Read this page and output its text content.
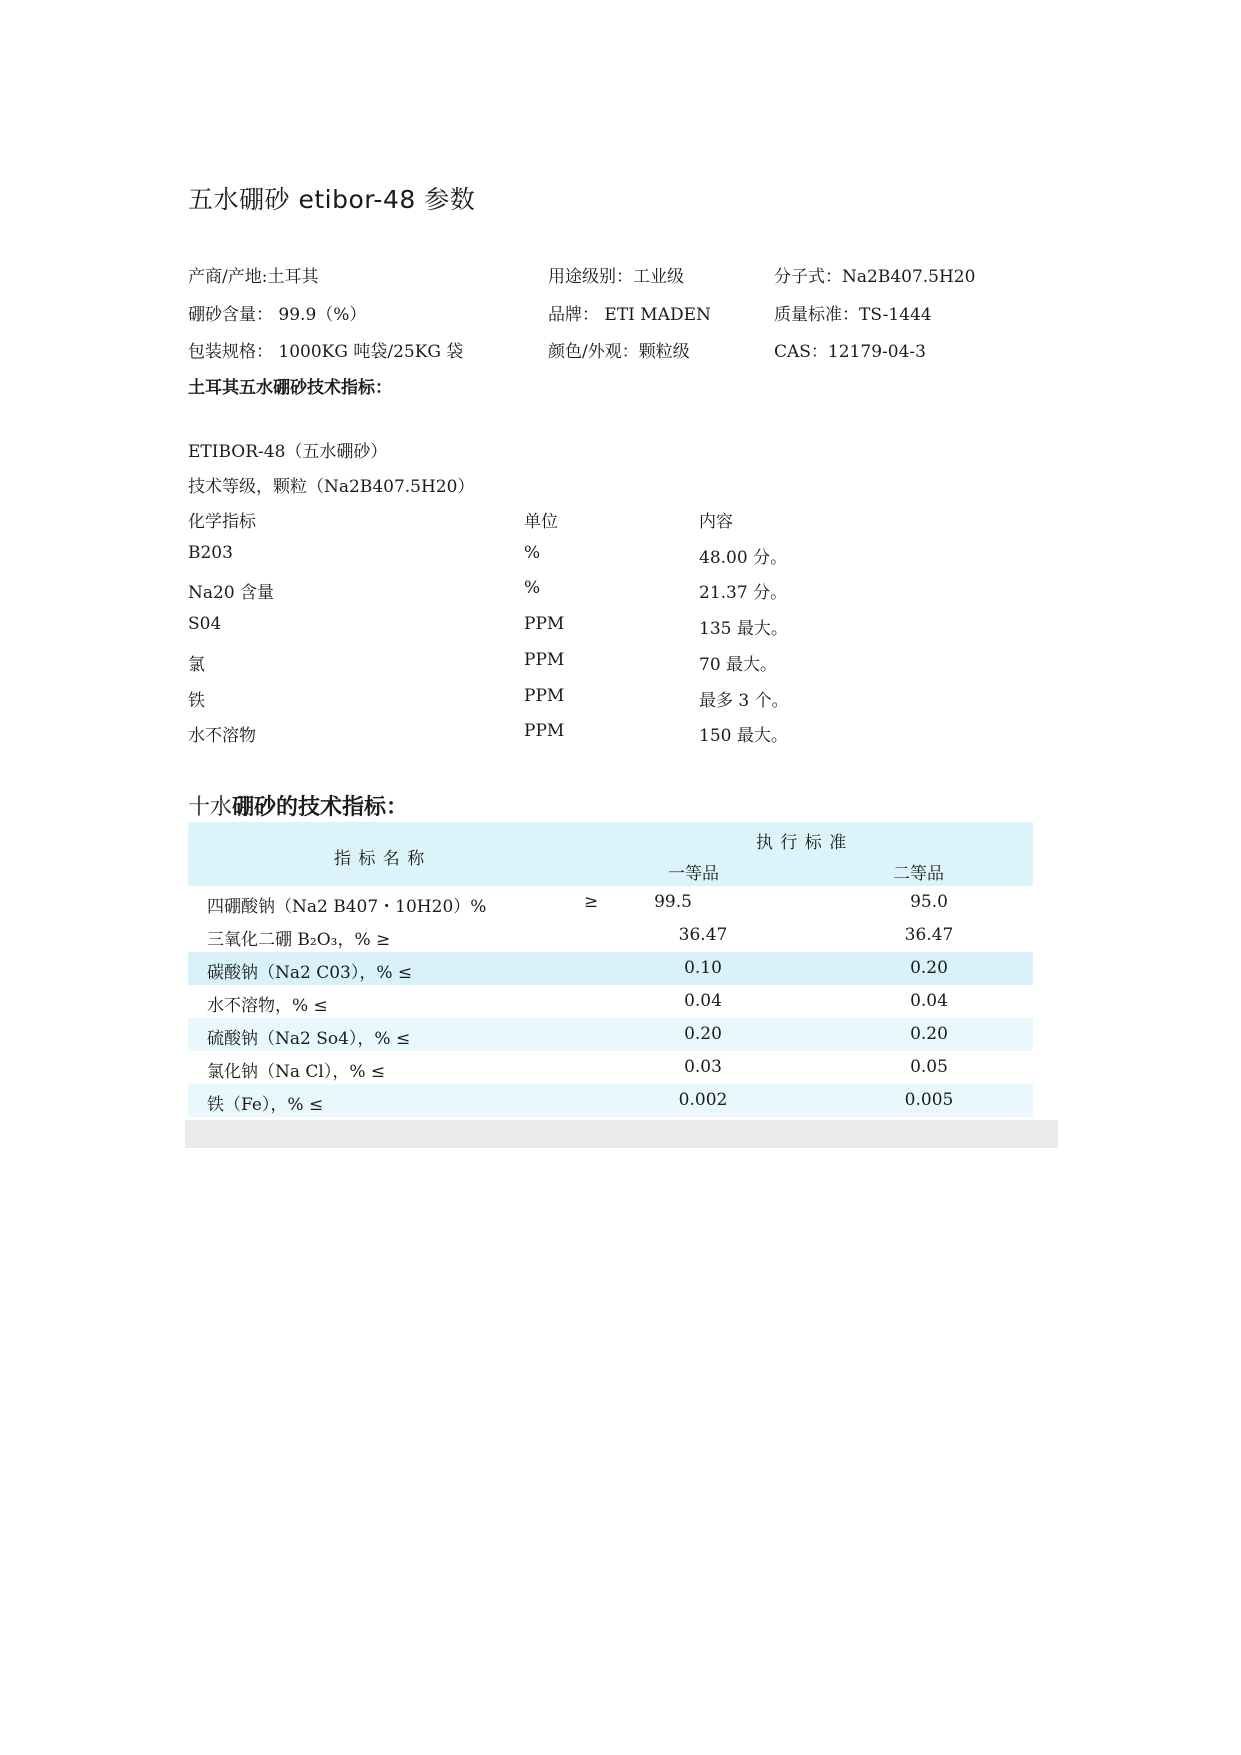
五水硼砂 etibor-48 参数
产商/产地:土耳其	用途级别：工业级	分子式：Na2B407.5H20
硼砂含量： 99.9（%）	品牌： ETI MADEN	质量标准：TS-1444
包装规格： 1000KG 吨袋/25KG 袋	颜色/外观：颗粒级	CAS：12179-04-3
土耳其五水硼砂技术指标：
ETIBOR-48（五水硼砂）
技术等级，颗粒（Na2B407.5H20）
化学指标	单位	内容
B203	%	48.00 分。
Na20 含量	%	21.37 分。
S04	PPM	135 最大。
氯	PPM	70 最大。
铁	PPM	最多 3 个。
水不溶物	PPM	150 最大。
十水硼砂的技术指标：
指 标 名 称
执 行 标 准
一等品	二等品
四硼酸钠（Na2 B407・10H20）%	≥	99.5	95.0
三氧化二硼 B₂O₃，% ≥	36.47	36.47
碳酸钠（Na2 C03），% ≤	0.10	0.20
水不溶物，% ≤	0.04	0.04
硫酸钠（Na2 So4），% ≤	0.20	0.20
氯化钠（Na Cl），% ≤	0.03	0.05
铁（Fe），% ≤	0.002	0.005
